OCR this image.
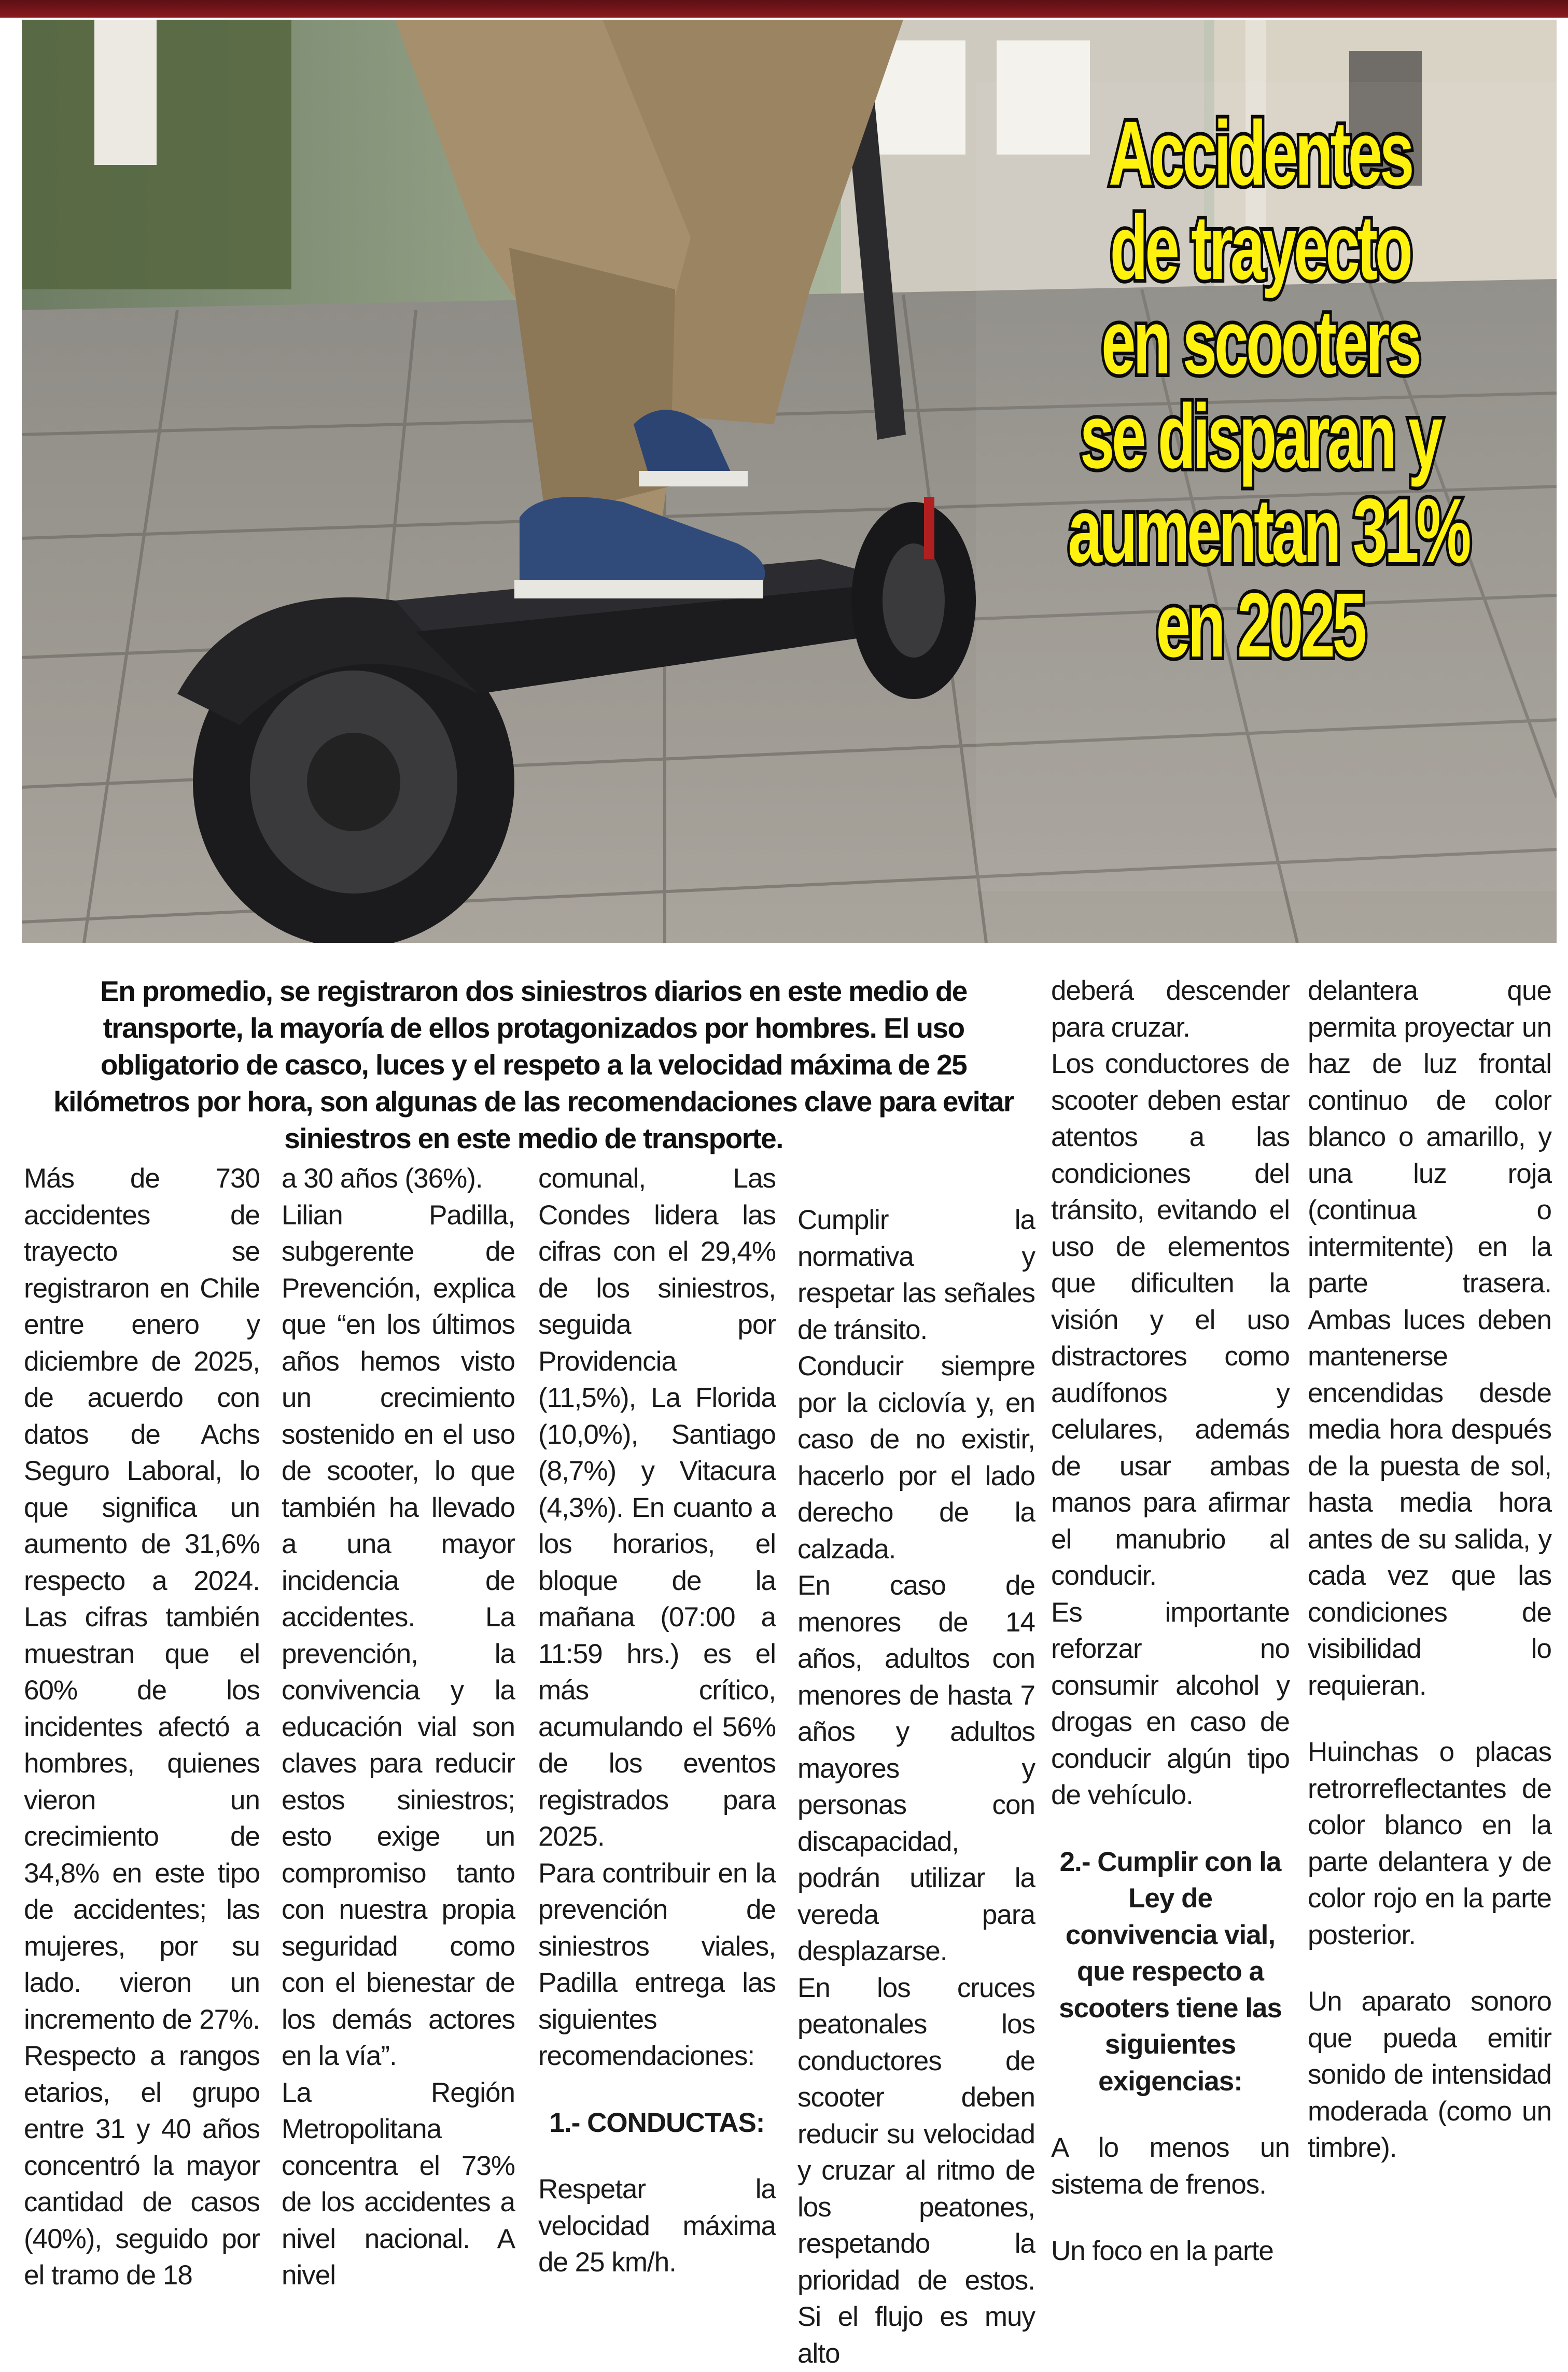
Accidentes
de trayecto
en scooters
se disparan y
aumentan 31%
en 2025
En promedio, se registraron dos siniestros diarios en este medio de transporte, la mayoría de ellos protagonizados por hombres. El uso obligatorio de casco, luces y el respeto a la velocidad máxima de 25 kilómetros por hora, son algunas de las recomendaciones clave para evitar siniestros en este medio de transporte.

Más de 730 accidentes de trayecto se registraron en Chile entre enero y diciembre de 2025, de acuerdo con datos de Achs Seguro Laboral, lo que significa un aumento de 31,6% respecto a 2024. Las cifras también muestran que el 60% de los incidentes afectó a hombres, quienes vieron un crecimiento de 34,8% en este tipo de accidentes; las mujeres, por su lado. vieron un incremento de 27%. Respecto a rangos etarios, el grupo entre 31 y 40 años concentró la mayor cantidad de casos (40%), seguido por el tramo de 18

a 30 años (36%).

Lilian Padilla, subgerente de Prevención, explica que “en los últimos años hemos visto un crecimiento sostenido en el uso de scooter, lo que también ha llevado a una mayor incidencia de accidentes. La prevención, la convivencia y la educación vial son claves para reducir estos siniestros; esto exige un compromiso tanto con nuestra propia seguridad como con el bienestar de los demás actores en la vía”.

La Región Metropolitana concentra el 73% de los accidentes a nivel nacional. A nivel

comunal, Las Condes lidera las cifras con el 29,4% de los siniestros, seguida por Providencia (11,5%), La Florida (10,0%), Santiago (8,7%) y Vitacura (4,3%). En cuanto a los horarios, el bloque de la mañana (07:00 a 11:59 hrs.) es el más crítico, acumulando el 56% de los eventos registrados para 2025.

Para contribuir en la prevención de siniestros viales, Padilla entrega las siguientes recomendaciones:

1.- CONDUCTAS:

Respetar la velocidad máxima de 25 km/h.

Cumplir la normativa y respetar las señales de tránsito.

Conducir siempre por la ciclovía y, en caso de no existir, hacerlo por el lado derecho de la calzada.

En caso de menores de 14 años, adultos con menores de hasta 7 años y adultos mayores y personas con discapacidad, podrán utilizar la vereda para desplazarse.

En los cruces peatonales los conductores de scooter deben reducir su velocidad y cruzar al ritmo de los peatones, respetando la prioridad de estos. Si el flujo es muy alto

deberá descender para cruzar.

Los conductores de scooter deben estar atentos a las condiciones del tránsito, evitando el uso de elementos que dificulten la visión y el uso distractores como audífonos y celulares, además de usar ambas manos para afirmar el manubrio al conducir.

Es importante reforzar no consumir alcohol y drogas en caso de conducir algún tipo de vehículo.

2.- Cumplir con la Ley de convivencia vial, que respecto a scooters tiene las siguientes exigencias:

A lo menos un sistema de frenos.

Un foco en la parte

delantera que permita proyectar un haz de luz frontal continuo de color blanco o amarillo, y una luz roja (continua o intermitente) en la parte trasera. Ambas luces deben mantenerse encendidas desde media hora después de la puesta de sol, hasta media hora antes de su salida, y cada vez que las condiciones de visibilidad lo requieran.

Huinchas o placas retrorreflectantes de color blanco en la parte delantera y de color rojo en la parte posterior.

Un aparato sonoro que pueda emitir sonido de intensidad moderada (como un timbre).
